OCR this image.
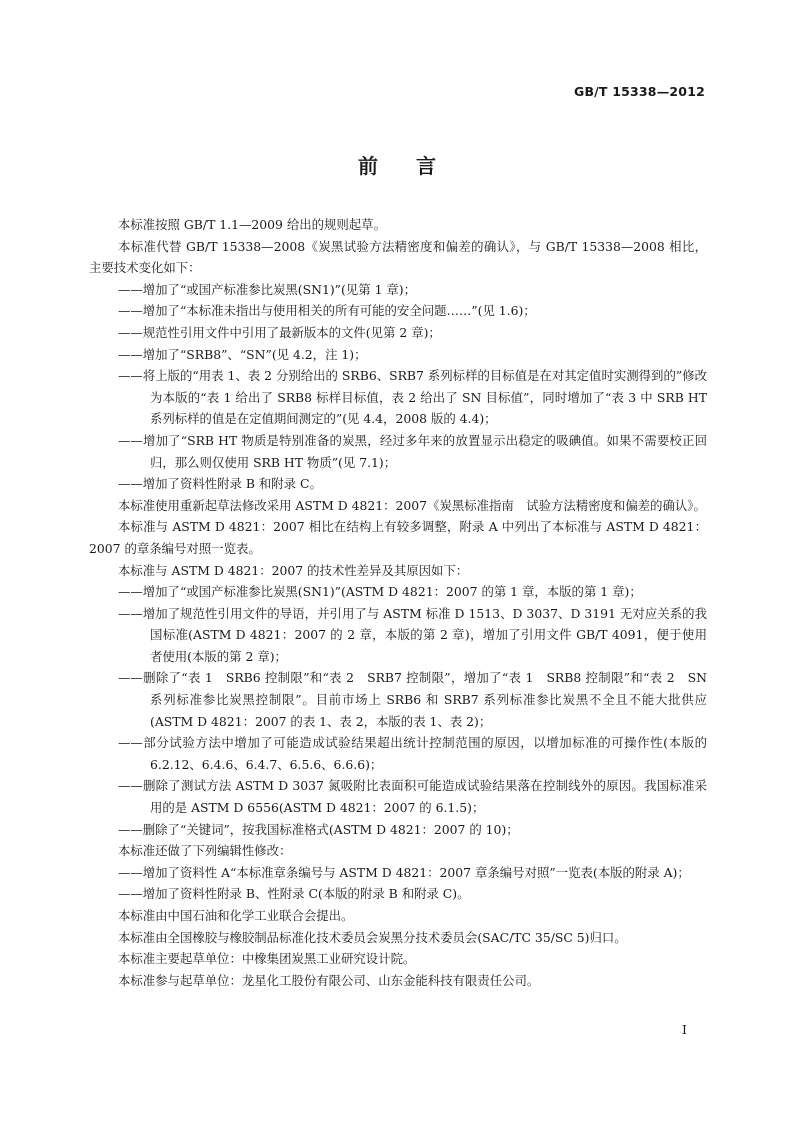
GB/T 15338—2012
前言

本标准按照 GB/T 1.1—2009 给出的规则起草。

本标准代替 GB/T 15338—2008《炭黑试验方法精密度和偏差的确认》，与 GB/T 15338—2008 相比，主要技术变化如下：

——增加了“或国产标准参比炭黑(SN1)”(见第 1 章)；

——增加了“本标准未指出与使用相关的所有可能的安全问题……”(见 1.6)；

——规范性引用文件中引用了最新版本的文件(见第 2 章)；

——增加了“SRB8”、“SN”(见 4.2，注 1)；

——将上版的“用表 1、表 2 分别给出的 SRB6、SRB7 系列标样的目标值是在对其定值时实测得到的”修改为本版的“表 1 给出了 SRB8 标样目标值，表 2 给出了 SN 目标值”，同时增加了“表 3 中 SRB HT 系列标样的值是在定值期间测定的”(见 4.4，2008 版的 4.4)；

——增加了“SRB HT 物质是特别准备的炭黑，经过多年来的放置显示出稳定的吸碘值。如果不需要校正回归，那么则仅使用 SRB HT 物质”(见 7.1)；

——增加了资料性附录 B 和附录 C。

本标准使用重新起草法修改采用 ASTM D 4821：2007《炭黑标准指南　试验方法精密度和偏差的确认》。

本标准与 ASTM D 4821：2007 相比在结构上有较多调整，附录 A 中列出了本标准与 ASTM D 4821：2007 的章条编号对照一览表。

本标准与 ASTM D 4821：2007 的技术性差异及其原因如下：

——增加了“或国产标准参比炭黑(SN1)”(ASTM D 4821：2007 的第 1 章，本版的第 1 章)；

——增加了规范性引用文件的导语，并引用了与 ASTM 标准 D 1513、D 3037、D 3191 无对应关系的我国标准(ASTM D 4821：2007 的 2 章，本版的第 2 章)，增加了引用文件 GB/T 4091，便于使用者使用(本版的第 2 章)；

——删除了“表 1　SRB6 控制限”和“表 2　SRB7 控制限”，增加了“表 1　SRB8 控制限”和“表 2　SN 系列标准参比炭黑控制限”。目前市场上 SRB6 和 SRB7 系列标准参比炭黑不全且不能大批供应(ASTM D 4821：2007 的表 1、表 2，本版的表 1、表 2)；

——部分试验方法中增加了可能造成试验结果超出统计控制范围的原因，以增加标准的可操作性(本版的 6.2.12、6.4.6、6.4.7、6.5.6、6.6.6)；

——删除了测试方法 ASTM D 3037 氮吸附比表面积可能造成试验结果落在控制线外的原因。我国标准采用的是 ASTM D 6556(ASTM D 4821：2007 的 6.1.5)；

——删除了“关键词”，按我国标准格式(ASTM D 4821：2007 的 10)；

本标准还做了下列编辑性修改：

——增加了资料性 A“本标准章条编号与 ASTM D 4821：2007 章条编号对照”一览表(本版的附录 A)；

——增加了资料性附录 B、性附录 C(本版的附录 B 和附录 C)。

本标准由中国石油和化学工业联合会提出。

本标准由全国橡胶与橡胶制品标准化技术委员会炭黑分技术委员会(SAC/TC 35/SC 5)归口。

本标准主要起草单位：中橡集团炭黑工业研究设计院。

本标准参与起草单位：龙星化工股份有限公司、山东金能科技有限责任公司。

I
